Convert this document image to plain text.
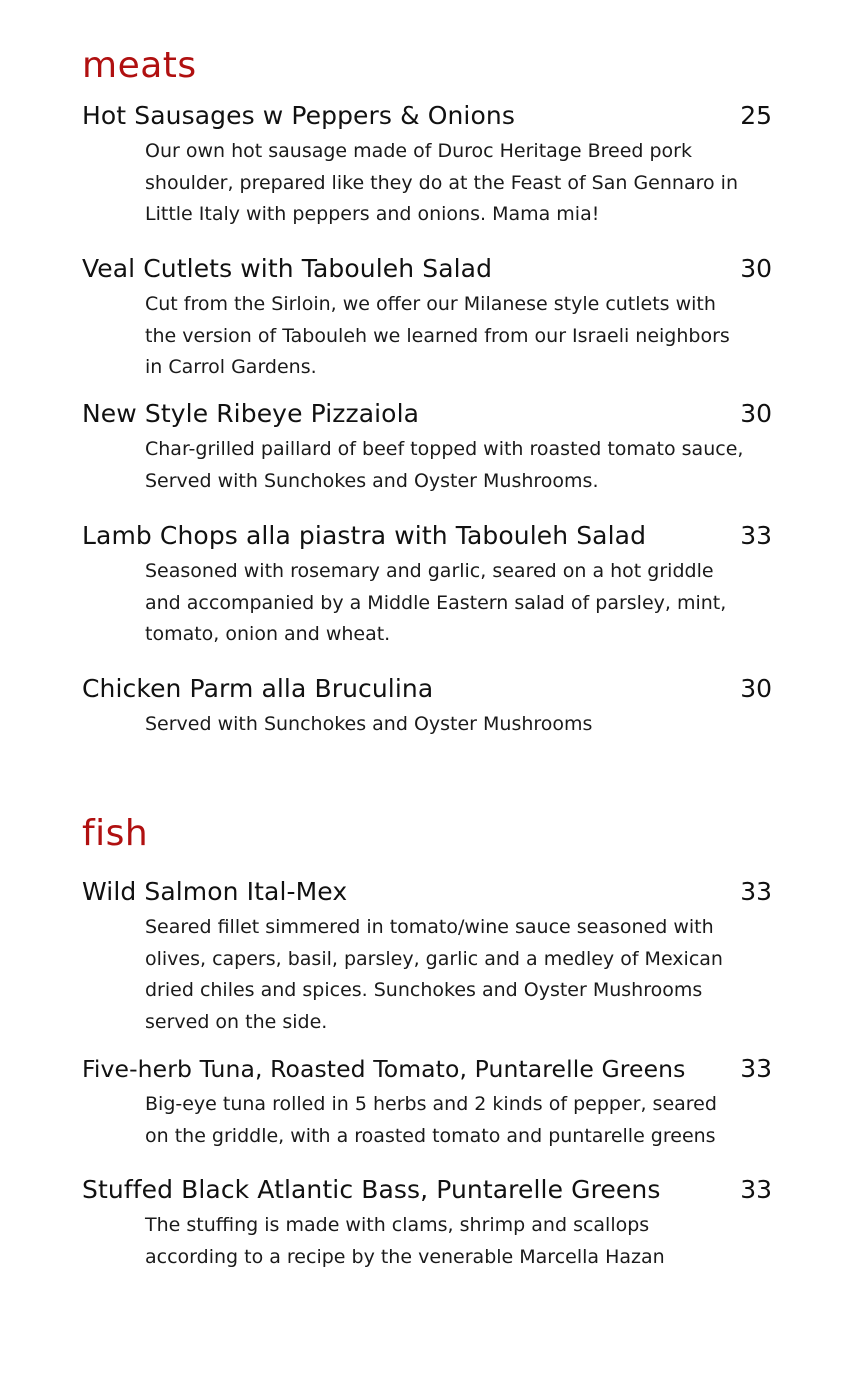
meats
Hot Sausages w Peppers & Onions	25
Our own hot sausage made of Duroc Heritage Breed pork shoulder, prepared like they do at the Feast of San Gennaro in Little Italy with peppers and onions. Mama mia!
Veal Cutlets with Tabouleh Salad	30
Cut from the Sirloin, we offer our Milanese style cutlets with the version of Tabouleh we learned from our Israeli neighbors in Carrol Gardens.
New Style Ribeye Pizzaiola	30
Char-grilled paillard of beef topped with roasted tomato sauce, Served with Sunchokes and Oyster Mushrooms.
Lamb Chops alla piastra with Tabouleh Salad	33
Seasoned with rosemary and garlic, seared on a hot griddle and accompanied by a Middle Eastern salad of parsley, mint, tomato, onion and wheat.
Chicken Parm alla Bruculina	30
Served with Sunchokes and Oyster Mushrooms
fish
Wild Salmon Ital-Mex	33
Seared fillet simmered in tomato/wine sauce seasoned with olives, capers, basil, parsley, garlic and a medley of Mexican dried chiles and spices. Sunchokes and Oyster Mushrooms served on the side.
Five-herb Tuna, Roasted Tomato, Puntarelle Greens 33
Big-eye tuna rolled in 5 herbs and 2 kinds of pepper, seared on the griddle, with a roasted tomato and puntarelle greens
Stuffed Black Atlantic Bass, Puntarelle Greens	33
The stuffing is made with clams, shrimp and scallops according to a recipe by the venerable Marcella Hazan
